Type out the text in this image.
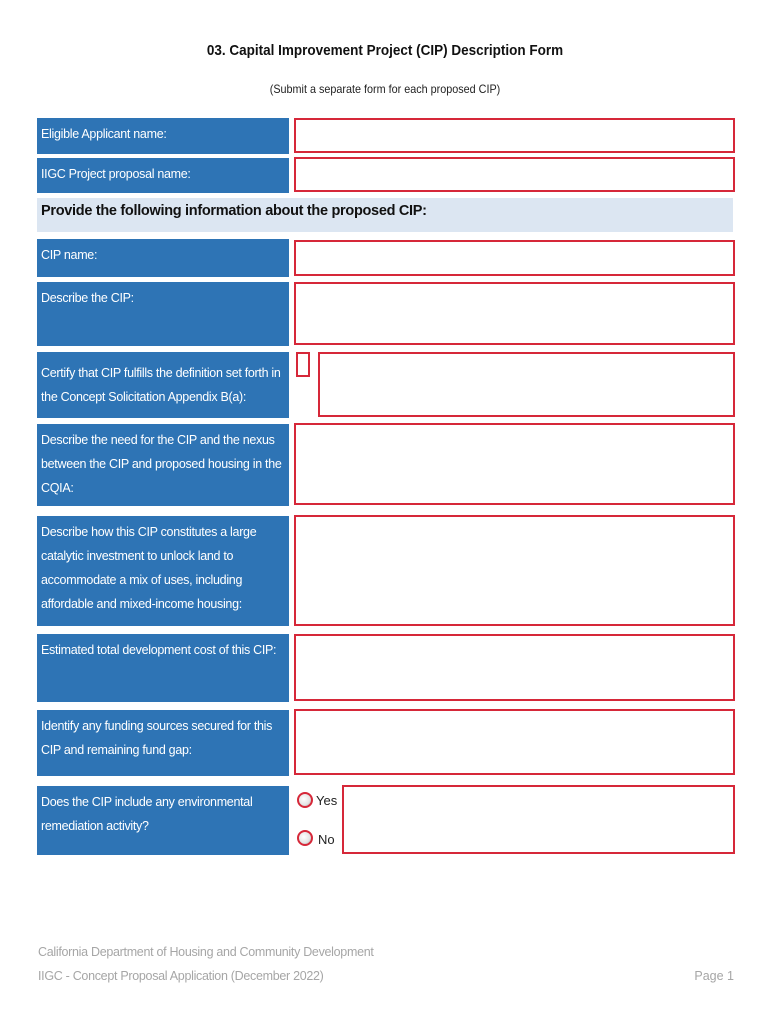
03. Capital Improvement Project (CIP) Description Form
(Submit a separate form for each proposed CIP)
Eligible Applicant name:
IIGC Project proposal name:
Provide the following information about the proposed CIP:
CIP name:
Describe the CIP:
Certify that CIP fulfills the definition set forth in the Concept Solicitation Appendix B(a):
Describe the need for the CIP and the nexus between the CIP and proposed housing in the CQIA:
Describe how this CIP constitutes a large catalytic investment to unlock land to accommodate a mix of uses, including affordable and mixed-income housing:
Estimated total development cost of this CIP:
Identify any funding sources secured for this CIP and remaining fund gap:
Does the CIP include any environmental remediation activity?
Yes
No
California Department of Housing and Community Development
IIGC - Concept Proposal Application (December 2022)	Page 1
